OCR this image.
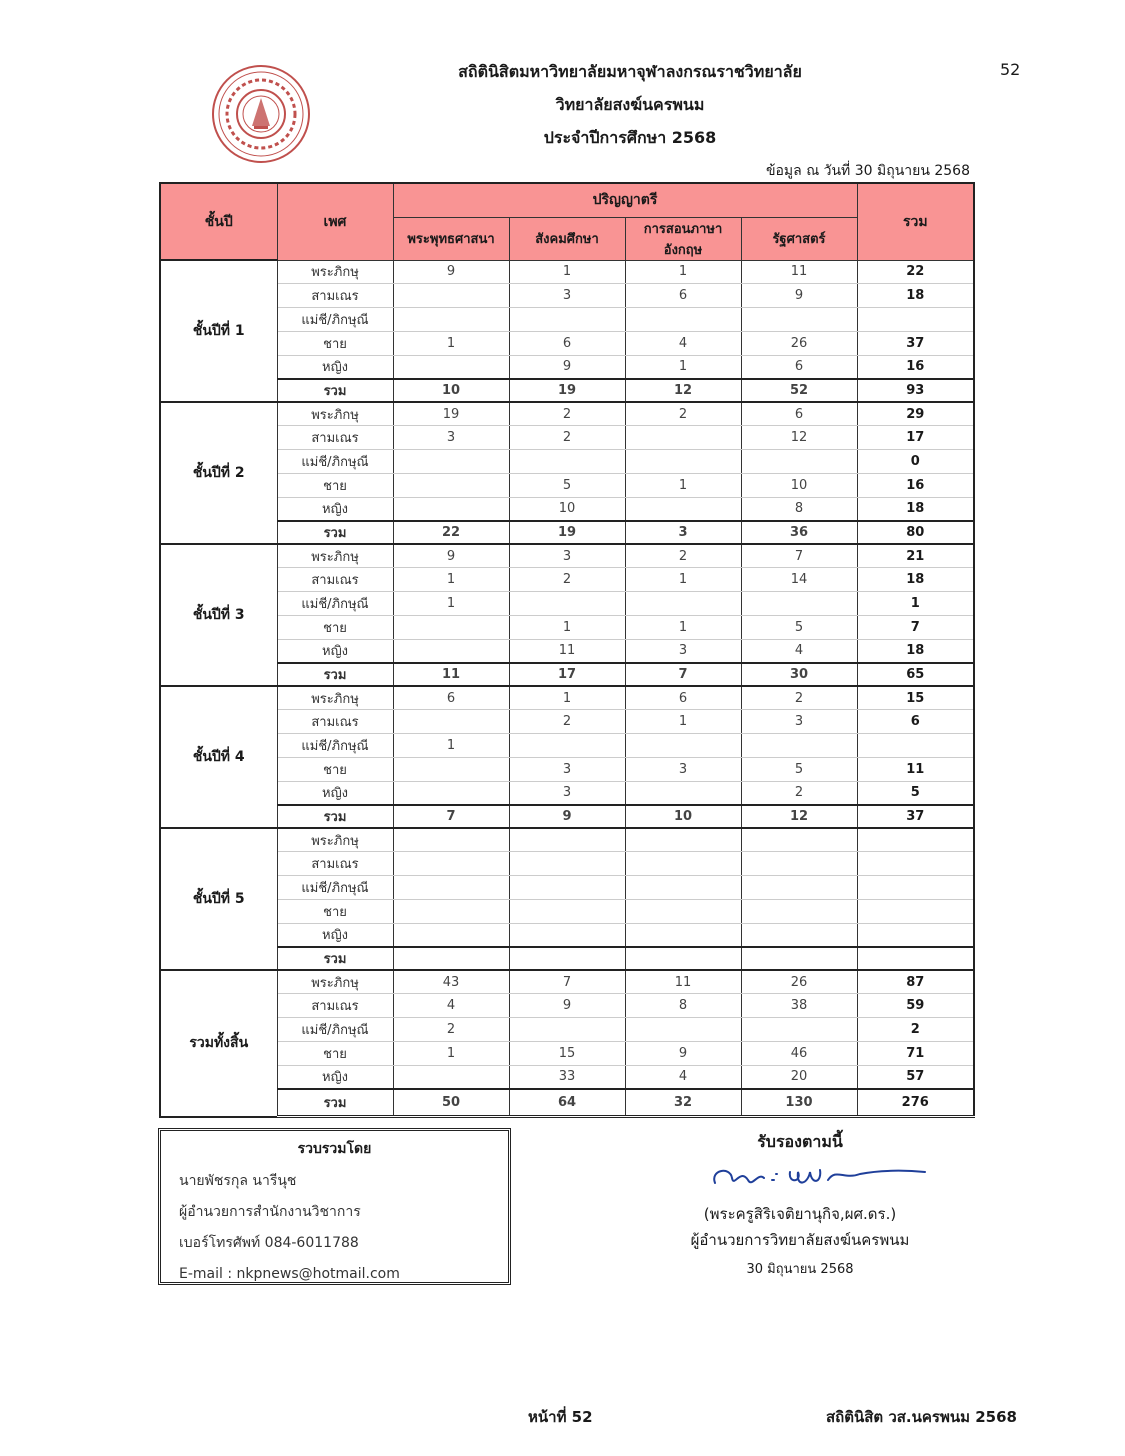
สถิตินิสิตมหาวิทยาลัยมหาจุฬาลงกรณราชวิทยาลัย
วิทยาลัยสงฆ์นครพนม
ประจำปีการศึกษา 2568
52
ข้อมูล ณ วันที่ 30 มิถุนายน 2568
ชั้นปี	เพศ	ปริญญาตรี				รวม
		พระพุทธศาสนา	สังคมศึกษา	การสอนภาษาอังกฤษ	รัฐศาสตร์	
ชั้นปีที่ 1	พระภิกษุ	9	1	1	11	22
	สามเณร		3	6	9	18
	แม่ชี/ภิกษุณี					
	ชาย	1	6	4	26	37
	หญิง		9	1	6	16
	รวม	10	19	12	52	93
ชั้นปีที่ 2	พระภิกษุ	19	2	2	6	29
	สามเณร	3	2		12	17
	แม่ชี/ภิกษุณี					0
	ชาย		5	1	10	16
	หญิง		10		8	18
	รวม	22	19	3	36	80
ชั้นปีที่ 3	พระภิกษุ	9	3	2	7	21
	สามเณร	1	2	1	14	18
	แม่ชี/ภิกษุณี	1				1
	ชาย		1	1	5	7
	หญิง		11	3	4	18
	รวม	11	17	7	30	65
ชั้นปีที่ 4	พระภิกษุ	6	1	6	2	15
	สามเณร		2	1	3	6
	แม่ชี/ภิกษุณี	1				
	ชาย		3	3	5	11
	หญิง		3		2	5
	รวม	7	9	10	12	37
ชั้นปีที่ 5	พระภิกษุ					
	สามเณร					
	แม่ชี/ภิกษุณี					
	ชาย					
	หญิง					
	รวม					
รวมทั้งสิ้น	พระภิกษุ	43	7	11	26	87
	สามเณร	4	9	8	38	59
	แม่ชี/ภิกษุณี	2				2
	ชาย	1	15	9	46	71
	หญิง		33	4	20	57
	รวม	50	64	32	130	276
รวบรวมโดย
นายพัชรกุล นารีนุช
ผู้อำนวยการสำนักงานวิชาการ
เบอร์โทรศัพท์ 084-6011788
E-mail : nkpnews@hotmail.com
รับรองตามนี้
(พระครูสิริเจติยานุกิจ,ผศ.ดร.)
ผู้อำนวยการวิทยาลัยสงฆ์นครพนม
30 มิถุนายน 2568
หน้าที่ 52	สถิตินิสิต วส.นครพนม 2568
